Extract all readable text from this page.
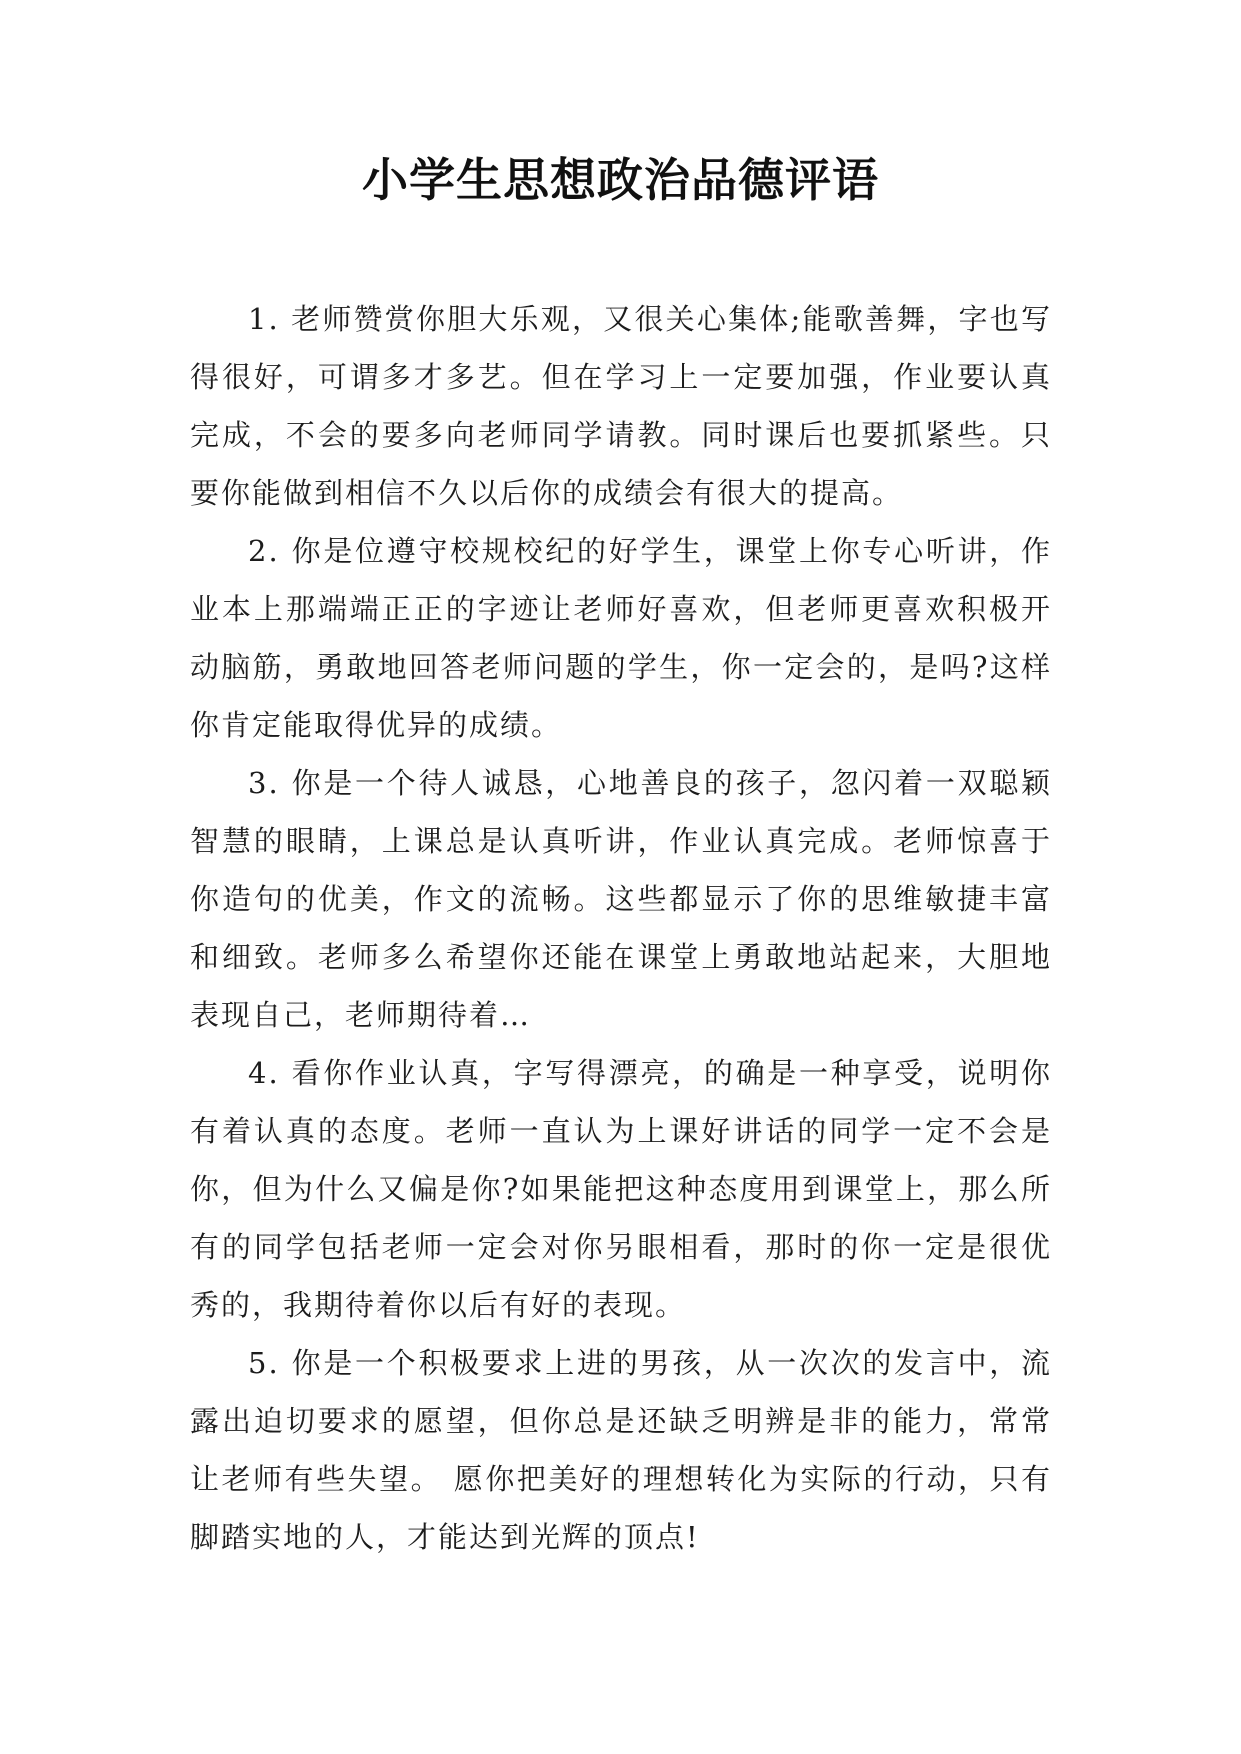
小学生思想政治品德评语

1. 老师赞赏你胆大乐观，又很关心集体;能歌善舞，字也写得很好，可谓多才多艺。但在学习上一定要加强，作业要认真完成，不会的要多向老师同学请教。同时课后也要抓紧些。只要你能做到相信不久以后你的成绩会有很大的提高。

2. 你是位遵守校规校纪的好学生，课堂上你专心听讲，作业本上那端端正正的字迹让老师好喜欢，但老师更喜欢积极开动脑筋，勇敢地回答老师问题的学生，你一定会的，是吗?这样你肯定能取得优异的成绩。

3. 你是一个待人诚恳，心地善良的孩子，忽闪着一双聪颖智慧的眼睛，上课总是认真听讲，作业认真完成。老师惊喜于你造句的优美，作文的流畅。这些都显示了你的思维敏捷丰富和细致。老师多么希望你还能在课堂上勇敢地站起来，大胆地表现自己，老师期待着…

4. 看你作业认真，字写得漂亮，的确是一种享受，说明你有着认真的态度。老师一直认为上课好讲话的同学一定不会是你，但为什么又偏是你?如果能把这种态度用到课堂上，那么所有的同学包括老师一定会对你另眼相看，那时的你一定是很优秀的，我期待着你以后有好的表现。

5. 你是一个积极要求上进的男孩，从一次次的发言中，流露出迫切要求的愿望，但你总是还缺乏明辨是非的能力，常常让老师有些失望。 愿你把美好的理想转化为实际的行动，只有脚踏实地的人，才能达到光辉的顶点!
